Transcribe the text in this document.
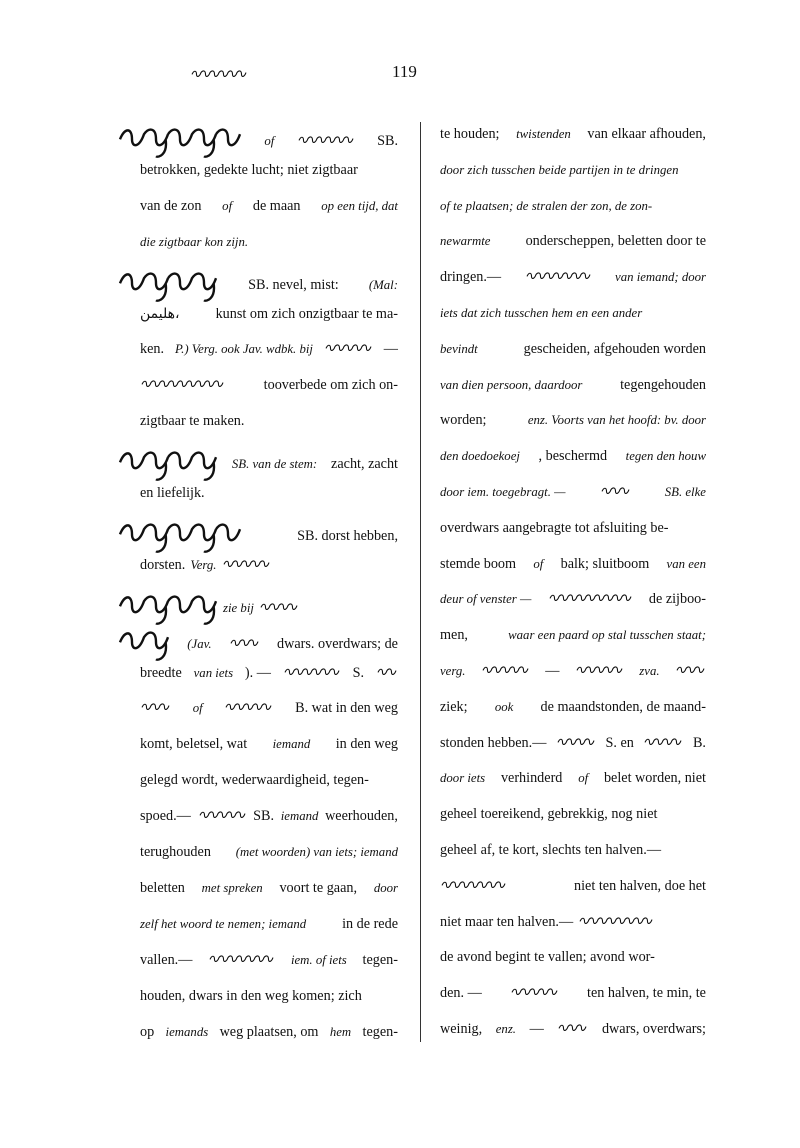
119
of	SB.
betrokken, gedekte lucht; niet zigtbaar
van de zon of de maan op een tijd, dat
die zigtbaar kon zijn.
SB. nevel, mist: (Mal:
هليمن،	kunst om zich onzigtbaar te ma-
ken. P.) Verg. ook Jav. wdbk. bij	—
tooverbede om zich on-
zigtbaar te maken.
SB. van de stem: zacht, zacht
en liefelijk.
SB. dorst hebben,
dorsten. Verg.
zie bij
(Jav.	dwars. overdwars; de
breedte van iets ). —	S.
of	B. wat in den weg
komt, beletsel, wat iemand in den weg
gelegd wordt, wederwaardigheid, tegen-
spoed.—	SB. iemand weerhouden,
terughouden (met woorden) van iets; iemand
beletten met spreken voort te gaan, door
zelf het woord te nemen; iemand	in de rede
vallen.—	iem. of iets tegen-
houden, dwars in den weg komen; zich
op iemands weg plaatsen, om hem tegen-
te houden; twistenden van elkaar afhouden,
door zich tusschen beide partijen in te dringen
of te plaatsen; de stralen der zon, de zon-
newarmte onderscheppen, beletten door te
dringen.—	van iemand; door
iets dat zich tusschen hem en een ander
bevindt	gescheiden, afgehouden worden
van dien persoon, daardoor	tegengehouden
worden;	enz. Voorts van het hoofd: bv. door
den doedoekoej , beschermd tegen den houw
door iem. toegebragt. —	SB. elke
overdwars aangebragte tot afsluiting be-
stemde boom of balk; sluitboom van een
deur of venster —	de zijboo-
men,	waar een paard op stal tusschen staat;
verg.	—	zva.
ziek; ook de maandstonden, de maand-
stonden hebben.—	S. en	B.
door iets verhinderd of belet worden, niet
geheel toereikend, gebrekkig, nog niet
geheel af, te kort, slechts ten halven.—
niet ten halven, doe het
niet maar ten halven.—
de avond begint te vallen; avond wor-
den. —	ten halven, te min, te
weinig, enz. —	dwars, overdwars;
